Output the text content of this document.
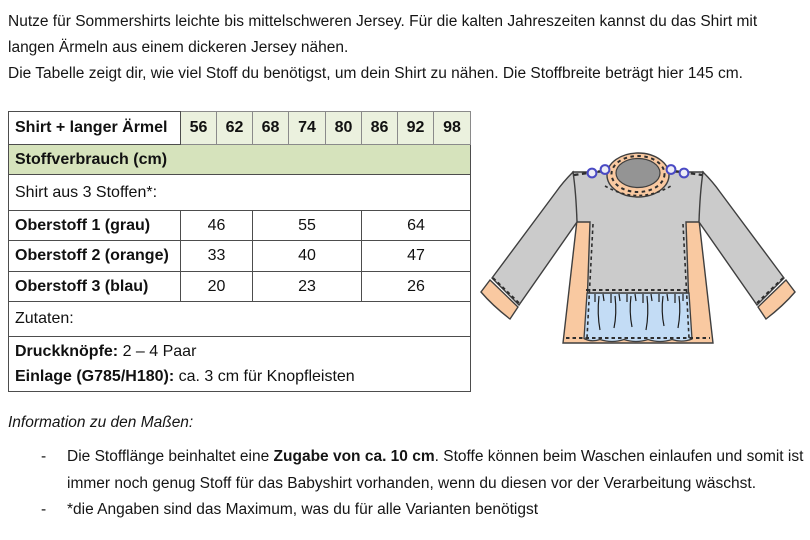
Nutze für Sommershirts leichte bis mittelschweren Jersey. Für die kalten Jahreszeiten kannst du das Shirt mit langen Ärmeln aus einem dickeren Jersey nähen.

Die Tabelle zeigt dir, wie viel Stoff du benötigst, um dein Shirt zu nähen. Die Stoffbreite beträgt hier 145 cm.

Shirt + langer Ärmel	56	62	68	74	80	86	92	98
Stoffverbrauch (cm)								
Shirt aus 3 Stoffen*:								
Oberstoff 1 (grau)	46		55			64		
Oberstoff 2 (orange)	33		40			47		
Oberstoff 3 (blau)	20		23			26		
Zutaten:								

Druckknöpfe: 2 – 4 Paar
Einlage (G785/H180): ca. 3 cm für Knopfleisten								
Information zu den Maßen:
-	Die Stofflänge beinhaltet eine Zugabe von ca. 10 cm. Stoffe können beim Waschen einlaufen und somit ist immer noch genug Stoff für das Babyshirt vorhanden, wenn du diesen vor der Verarbeitung wäschst.
-	*die Angaben sind das Maximum, was du für alle Varianten benötigst
